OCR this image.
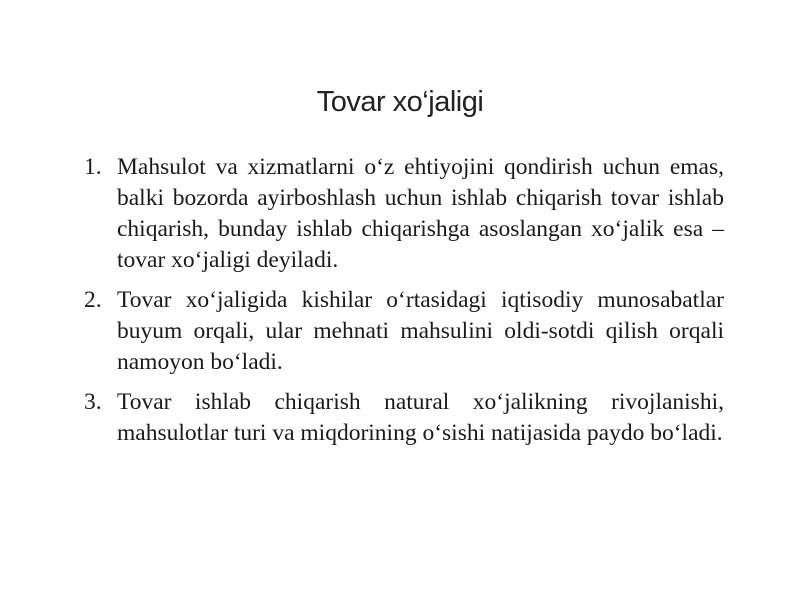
Tovar xo‘jaligi
1. Mahsulot va xizmatlarni o‘z ehtiyojini qondirish uchun emas, balki bozorda ayirboshlash uchun ishlab chiqarish tovar ishlab chiqarish, bunday ishlab chiqarishga asoslangan xo‘jalik esa – tovar xo‘jaligi deyiladi.
2. Tovar xo‘jaligida kishilar o‘rtasidagi iqtisodiy munosabatlar buyum orqali, ular mehnati mahsulini oldi-sotdi qilish orqali namoyon bo‘ladi.
3. Tovar ishlab chiqarish natural xo‘jalikning rivojlanishi, mahsulotlar turi va miqdorining o‘sishi natijasida paydo bo‘ladi.
